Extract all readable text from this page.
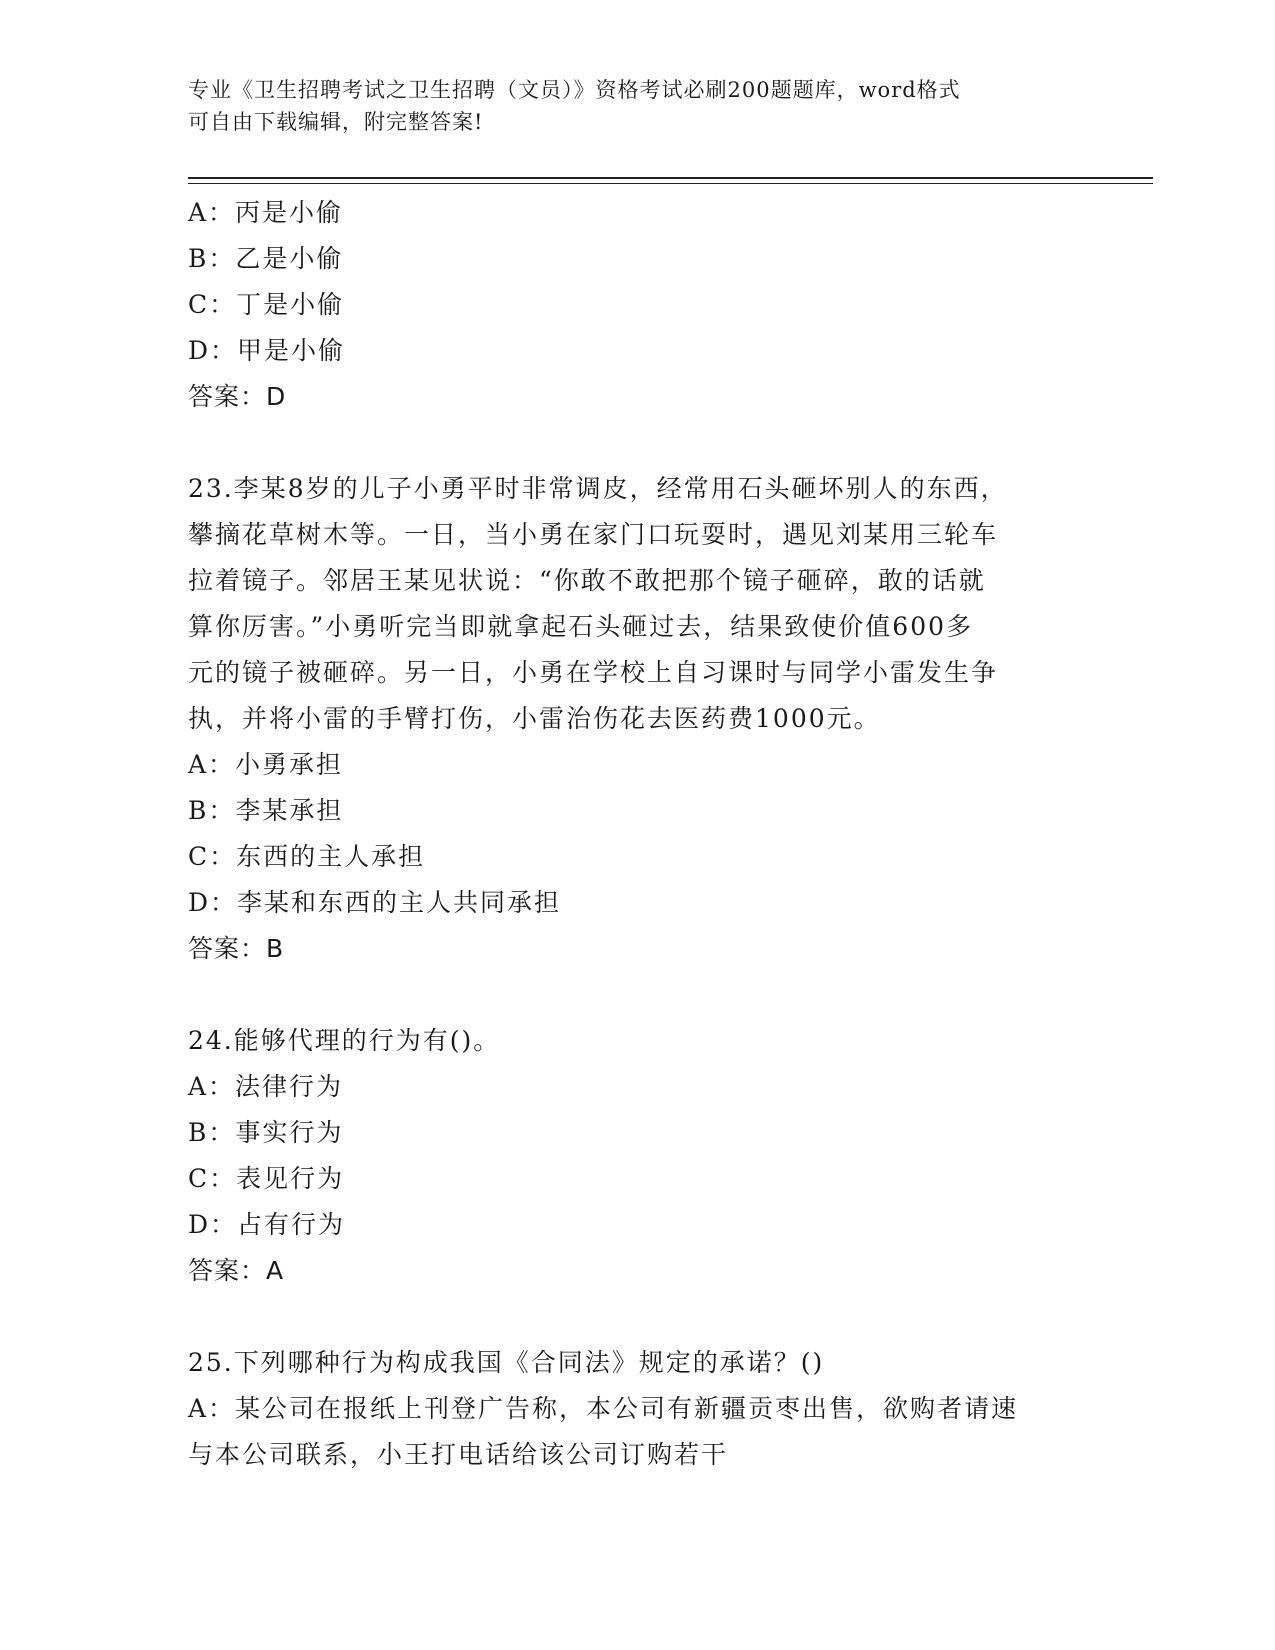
专业《卫生招聘考试之卫生招聘（文员）》资格考试必刷200题题库，word格式
可自由下载编辑，附完整答案!
A：丙是小偷
B：乙是小偷
C：丁是小偷
D：甲是小偷
答案：D
23.李某8岁的儿子小勇平时非常调皮，经常用石头砸坏别人的东西，
攀摘花草树木等。一日，当小勇在家门口玩耍时，遇见刘某用三轮车
拉着镜子。邻居王某见状说：“你敢不敢把那个镜子砸碎，敢的话就
算你厉害。”小勇听完当即就拿起石头砸过去，结果致使价值600多
元的镜子被砸碎。另一日，小勇在学校上自习课时与同学小雷发生争
执，并将小雷的手臂打伤，小雷治伤花去医药费1000元。
A：小勇承担
B：李某承担
C：东西的主人承担
D：李某和东西的主人共同承担
答案：B
24.能够代理的行为有()。
A：法律行为
B：事实行为
C：表见行为
D：占有行为
答案：A
25.下列哪种行为构成我国《合同法》规定的承诺？()
A：某公司在报纸上刊登广告称，本公司有新疆贡枣出售，欲购者请速
与本公司联系，小王打电话给该公司订购若干
